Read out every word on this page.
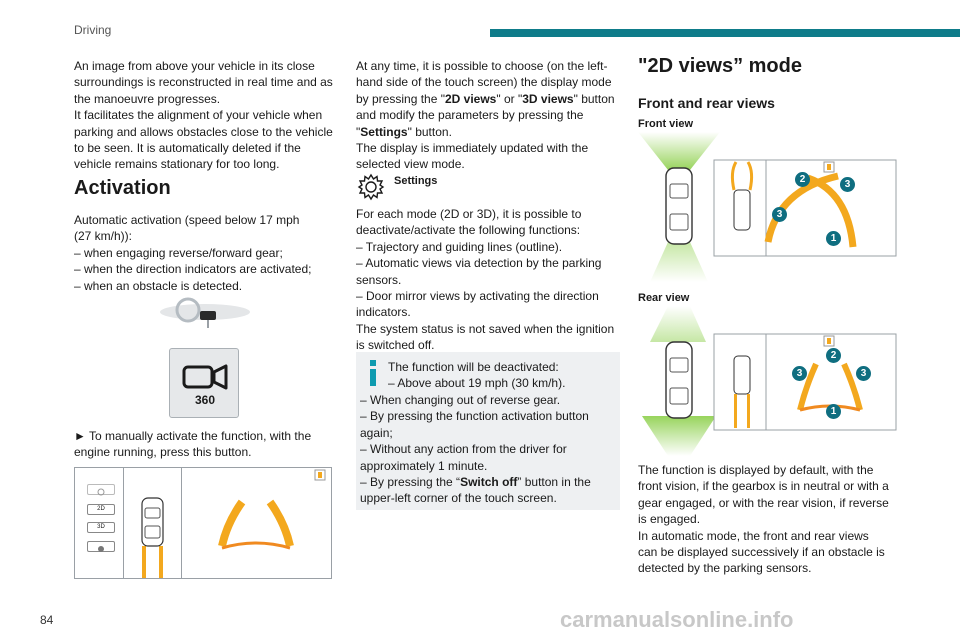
Driving

An image from above your vehicle in its close

surroundings is reconstructed in real time and as

the manoeuvre progresses.

It facilitates the alignment of your vehicle when

parking and allows obstacles close to the vehicle

to be seen. It is automatically deleted if the

vehicle remains stationary for too long.

Activation

Automatic activation (speed below 17 mph

(27 km/h)):

– when engaging reverse/forward gear;

– when the direction indicators are activated;

– when an obstacle is detected.

360

► To manually activate the function, with the

engine running, press this button.

2D
3D

At any time, it is possible to choose (on the left-

hand side of the touch screen) the display mode

by pressing the "2D views" or "3D views" button

and modify the parameters by pressing the

"Settings" button.

The display is immediately updated with the

selected view mode.

Settings

For each mode (2D or 3D), it is possible to

deactivate/activate the following functions:

– Trajectory and guiding lines (outline).

– Automatic views via detection by the parking

sensors.

– Door mirror views by activating the direction

indicators.

The system status is not saved when the ignition

is switched off.

The function will be deactivated:

– Above about 19 mph (30 km/h).

– When changing out of reverse gear.

– By pressing the function activation button

again;

– Without any action from the driver for

approximately 1 minute.

– By pressing the “Switch off” button in the

upper-left corner of the touch screen.

"2D views” mode
Front and rear views
Front view
2	3
3
1
Rear view
2
3	3
1

The function is displayed by default, with the

front vision, if the gearbox is in neutral or with a

gear engaged, or with the rear vision, if reverse

is engaged.

In automatic mode, the front and rear views

can be displayed successively if an obstacle is

detected by the parking sensors.

84	carmanualsonline.info
